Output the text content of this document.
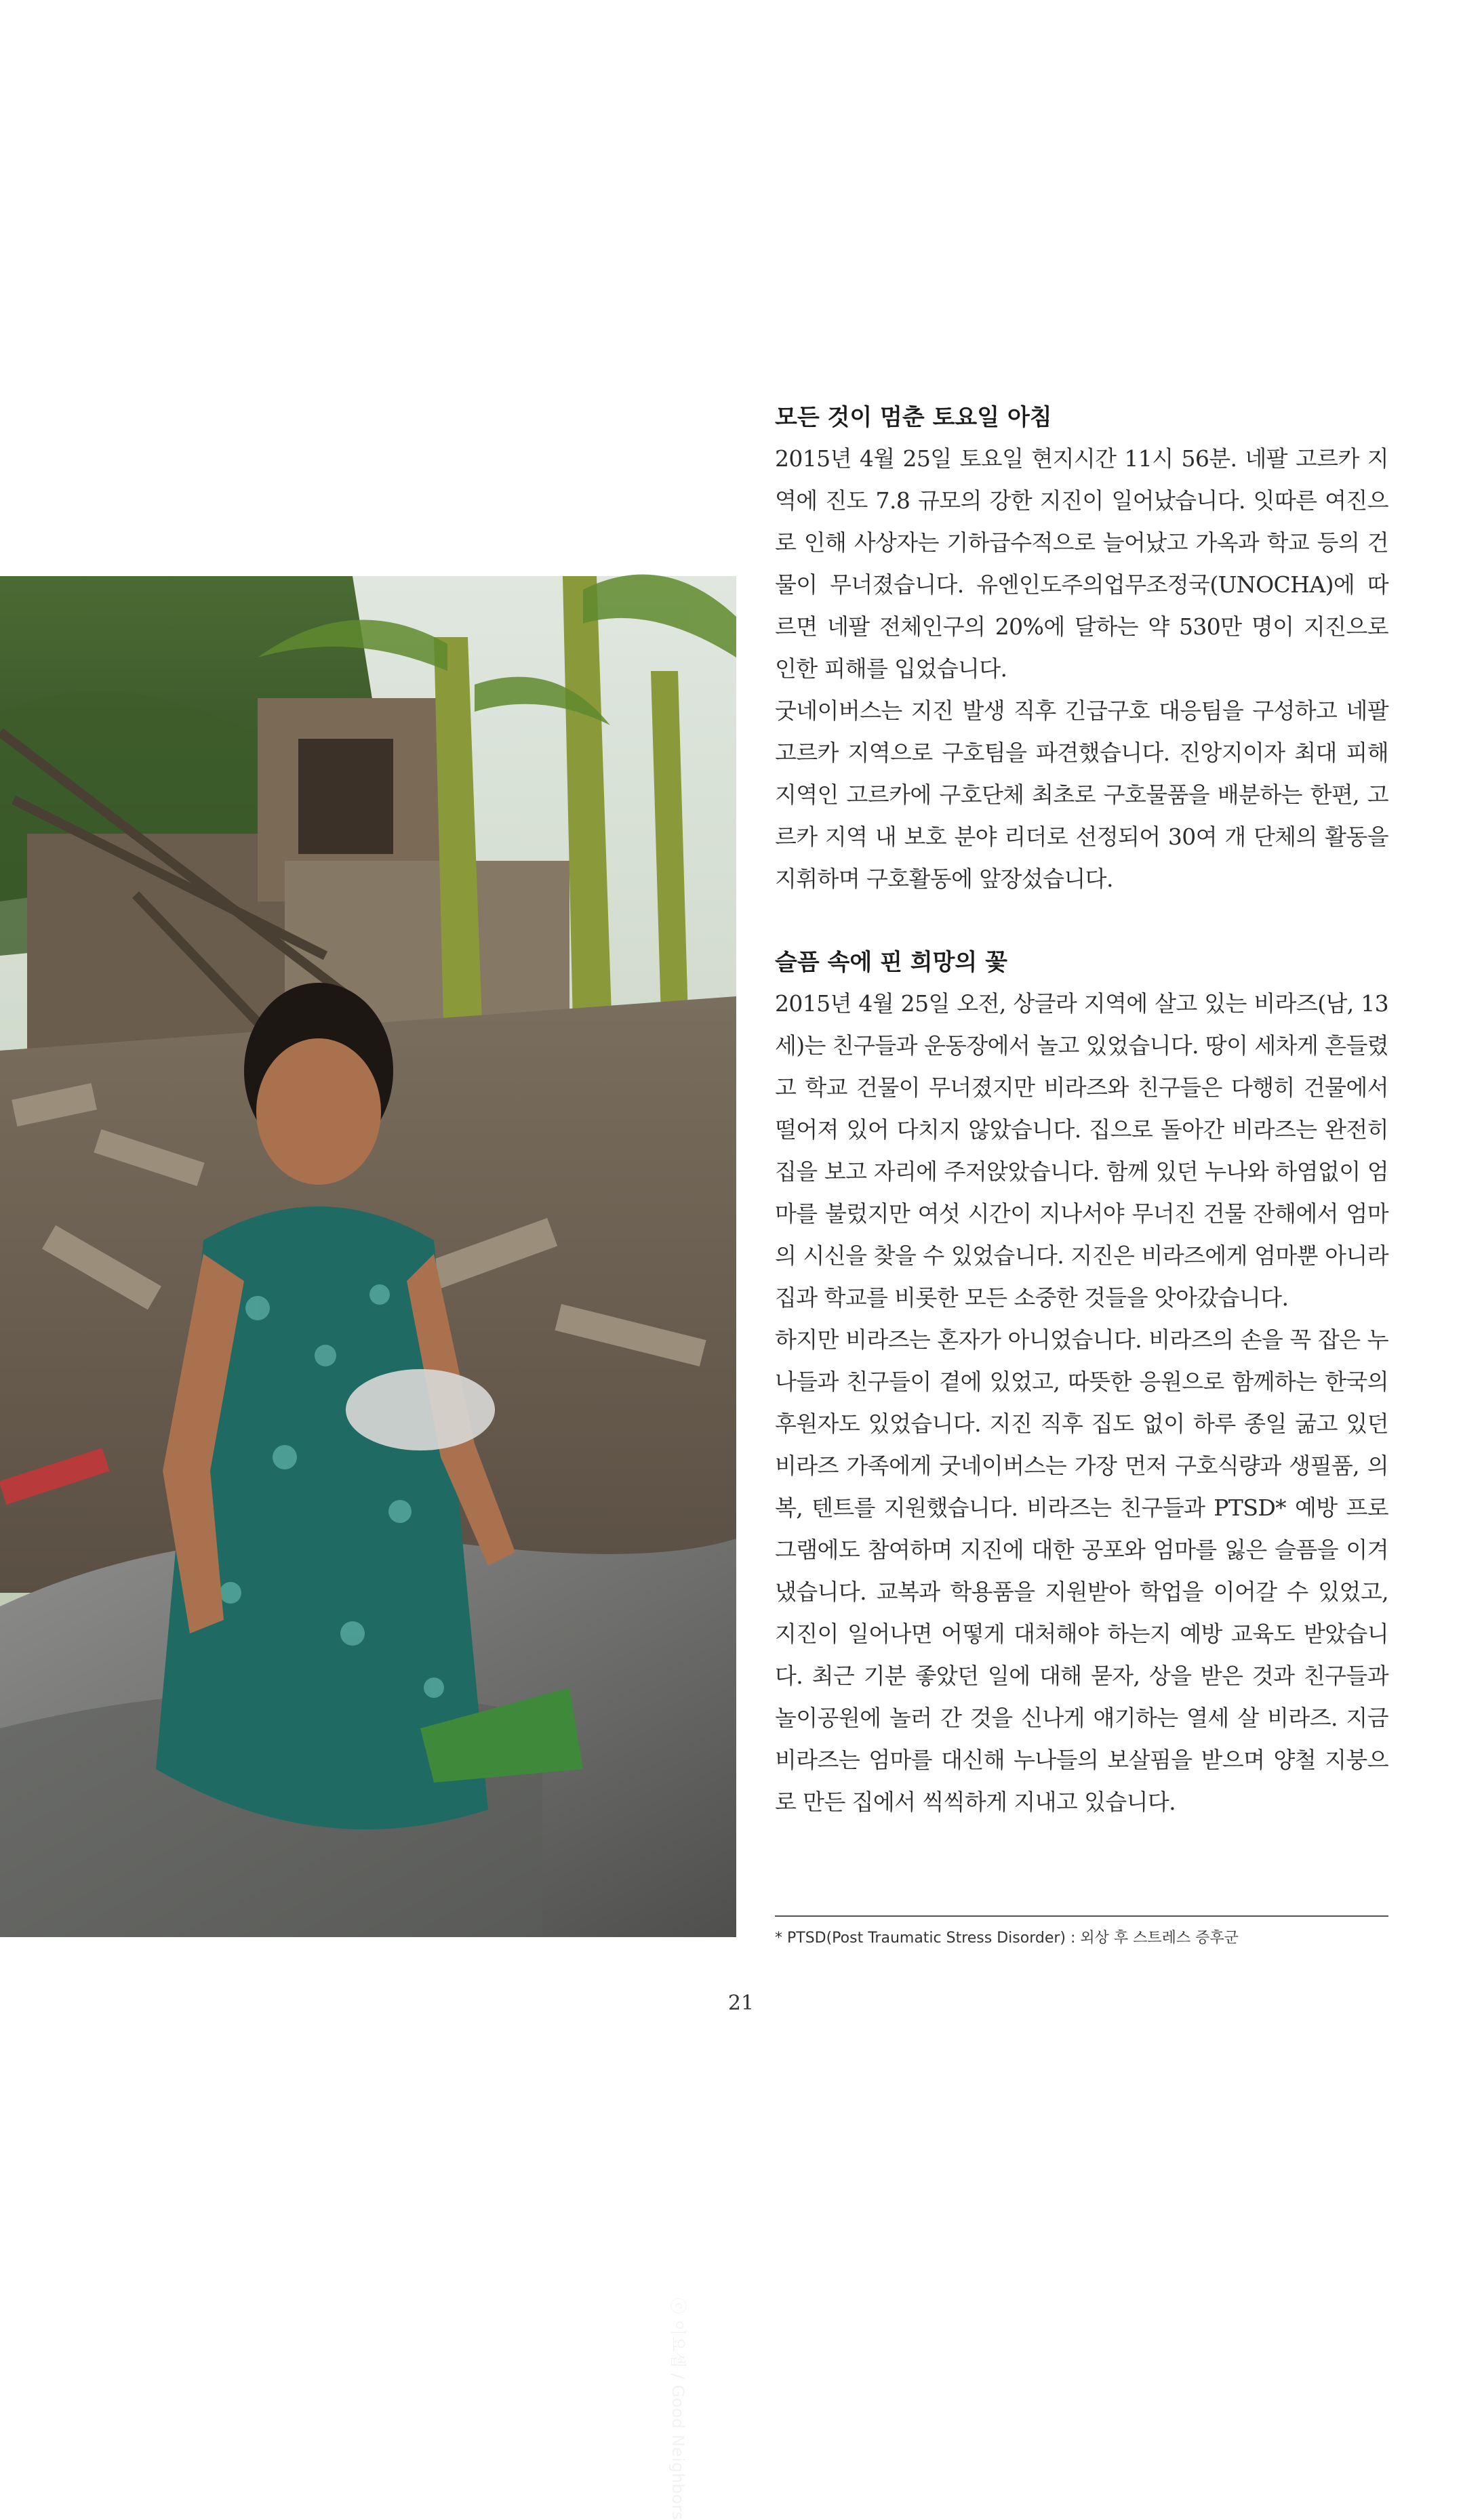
ⓒ 이요셉 / Good Neighbors
모든 것이 멈춘 토요일 아침

2015년 4월 25일 토요일 현지시간 11시 56분. 네팔 고르카 지역에 진도 7.8 규모의 강한 지진이 일어났습니다. 잇따른 여진으로 인해 사상자는 기하급수적으로 늘어났고 가옥과 학교 등의 건물이 무너졌습니다. 유엔인도주의업무조정국(UNOCHA)에 따르면 네팔 전체인구의 20%에 달하는 약 530만 명이 지진으로 인한 피해를 입었습니다.

굿네이버스는 지진 발생 직후 긴급구호 대응팀을 구성하고 네팔 고르카 지역으로 구호팀을 파견했습니다. 진앙지이자 최대 피해 지역인 고르카에 구호단체 최초로 구호물품을 배분하는 한편, 고르카 지역 내 보호 분야 리더로 선정되어 30여 개 단체의 활동을 지휘하며 구호활동에 앞장섰습니다.

슬픔 속에 핀 희망의 꽃

2015년 4월 25일 오전, 상글라 지역에 살고 있는 비라즈(남, 13세)는 친구들과 운동장에서 놀고 있었습니다. 땅이 세차게 흔들렸고 학교 건물이 무너졌지만 비라즈와 친구들은 다행히 건물에서 떨어져 있어 다치지 않았습니다. 집으로 돌아간 비라즈는 완전히 집을 보고 자리에 주저앉았습니다. 함께 있던 누나와 하염없이 엄마를 불렀지만 여섯 시간이 지나서야 무너진 건물 잔해에서 엄마의 시신을 찾을 수 있었습니다. 지진은 비라즈에게 엄마뿐 아니라 집과 학교를 비롯한 모든 소중한 것들을 앗아갔습니다.

하지만 비라즈는 혼자가 아니었습니다. 비라즈의 손을 꼭 잡은 누나들과 친구들이 곁에 있었고, 따뜻한 응원으로 함께하는 한국의 후원자도 있었습니다. 지진 직후 집도 없이 하루 종일 굶고 있던 비라즈 가족에게 굿네이버스는 가장 먼저 구호식량과 생필품, 의복, 텐트를 지원했습니다. 비라즈는 친구들과 PTSD* 예방 프로그램에도 참여하며 지진에 대한 공포와 엄마를 잃은 슬픔을 이겨냈습니다. 교복과 학용품을 지원받아 학업을 이어갈 수 있었고, 지진이 일어나면 어떻게 대처해야 하는지 예방 교육도 받았습니다. 최근 기분 좋았던 일에 대해 묻자, 상을 받은 것과 친구들과 놀이공원에 놀러 간 것을 신나게 얘기하는 열세 살 비라즈. 지금 비라즈는 엄마를 대신해 누나들의 보살핌을 받으며 양철 지붕으로 만든 집에서 씩씩하게 지내고 있습니다.

* PTSD(Post Traumatic Stress Disorder) : 외상 후 스트레스 증후군
21
